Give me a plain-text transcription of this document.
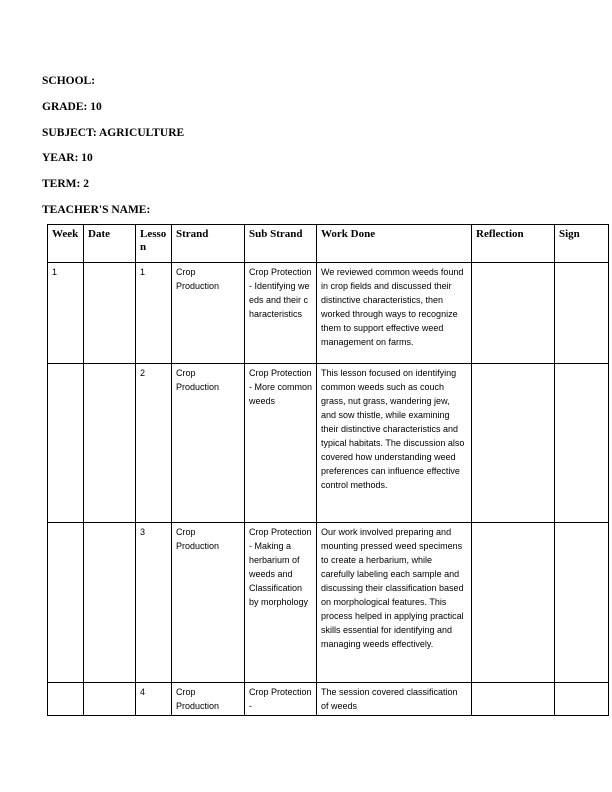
SCHOOL:
GRADE: 10
SUBJECT: AGRICULTURE
YEAR: 10
TERM: 2
TEACHER'S NAME:
Week	Date	Lesson	Strand	Sub Strand	Work Done	Reflection	Sign
1		1	Crop Production	Crop Protection - Identifying weeds and their characteristics	We reviewed common weeds found in crop fields and discussed their distinctive characteristics, then worked through ways to recognize them to support effective weed management on farms.		
		2	Crop Production	Crop Protection - More common weeds	This lesson focused on identifying common weeds such as couch grass, nut grass, wandering jew, and sow thistle, while examining their distinctive characteristics and typical habitats. The discussion also covered how understanding weed preferences can influence effective control methods.		
		3	Crop Production	Crop Protection - Making a herbarium of weeds and Classification by morphology	Our work involved preparing and mounting pressed weed specimens to create a herbarium, while carefully labeling each sample and discussing their classification based on morphological features. This process helped in applying practical skills essential for identifying and managing weeds effectively.		
		4	Crop Production	Crop Protection -	The session covered classification of weeds		
